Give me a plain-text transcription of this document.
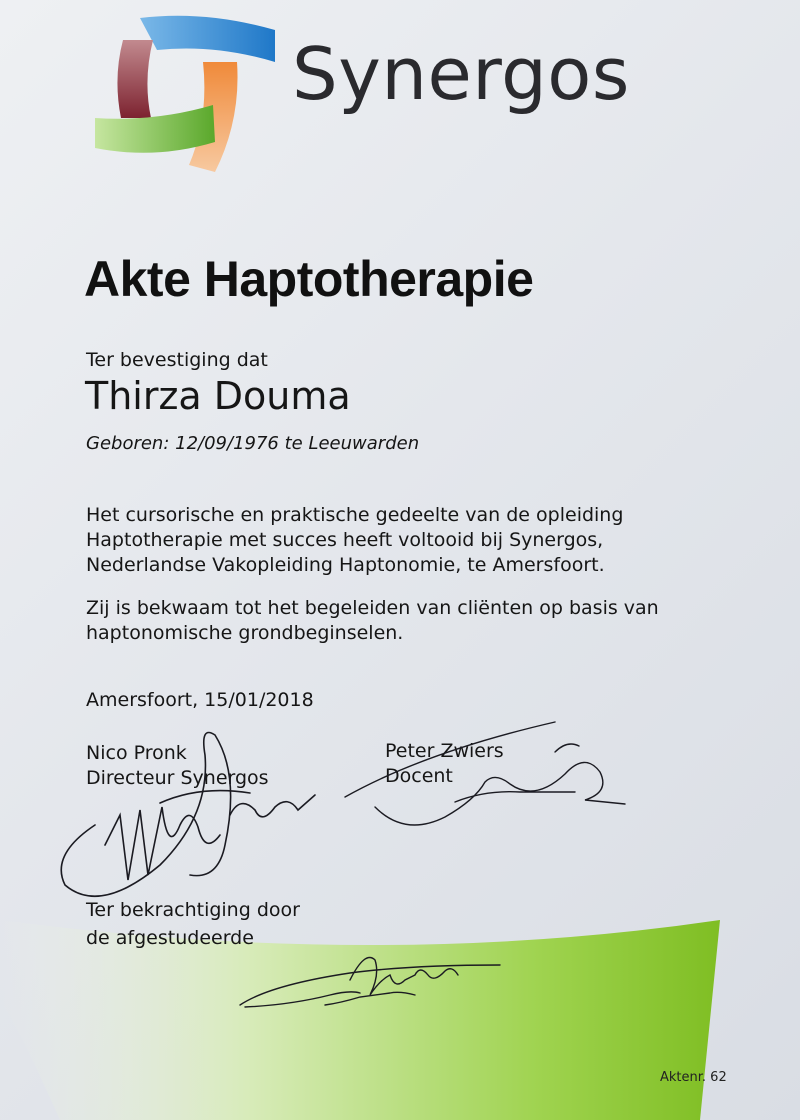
Synergos
Akte Haptotherapie
Ter bevestiging dat
Thirza Douma
Geboren: 12/09/1976 te Leeuwarden
Het cursorische en praktische gedeelte van de opleiding
Haptotherapie met succes heeft voltooid bij Synergos,
Nederlandse Vakopleiding Haptonomie, te Amersfoort.
Zij is bekwaam tot het begeleiden van cliënten op basis van
haptonomische grondbeginselen.
Amersfoort, 15/01/2018
Nico Pronk
Directeur Synergos
Peter Zwiers
Docent
Ter bekrachtiging door
de afgestudeerde
Aktenr. 62
